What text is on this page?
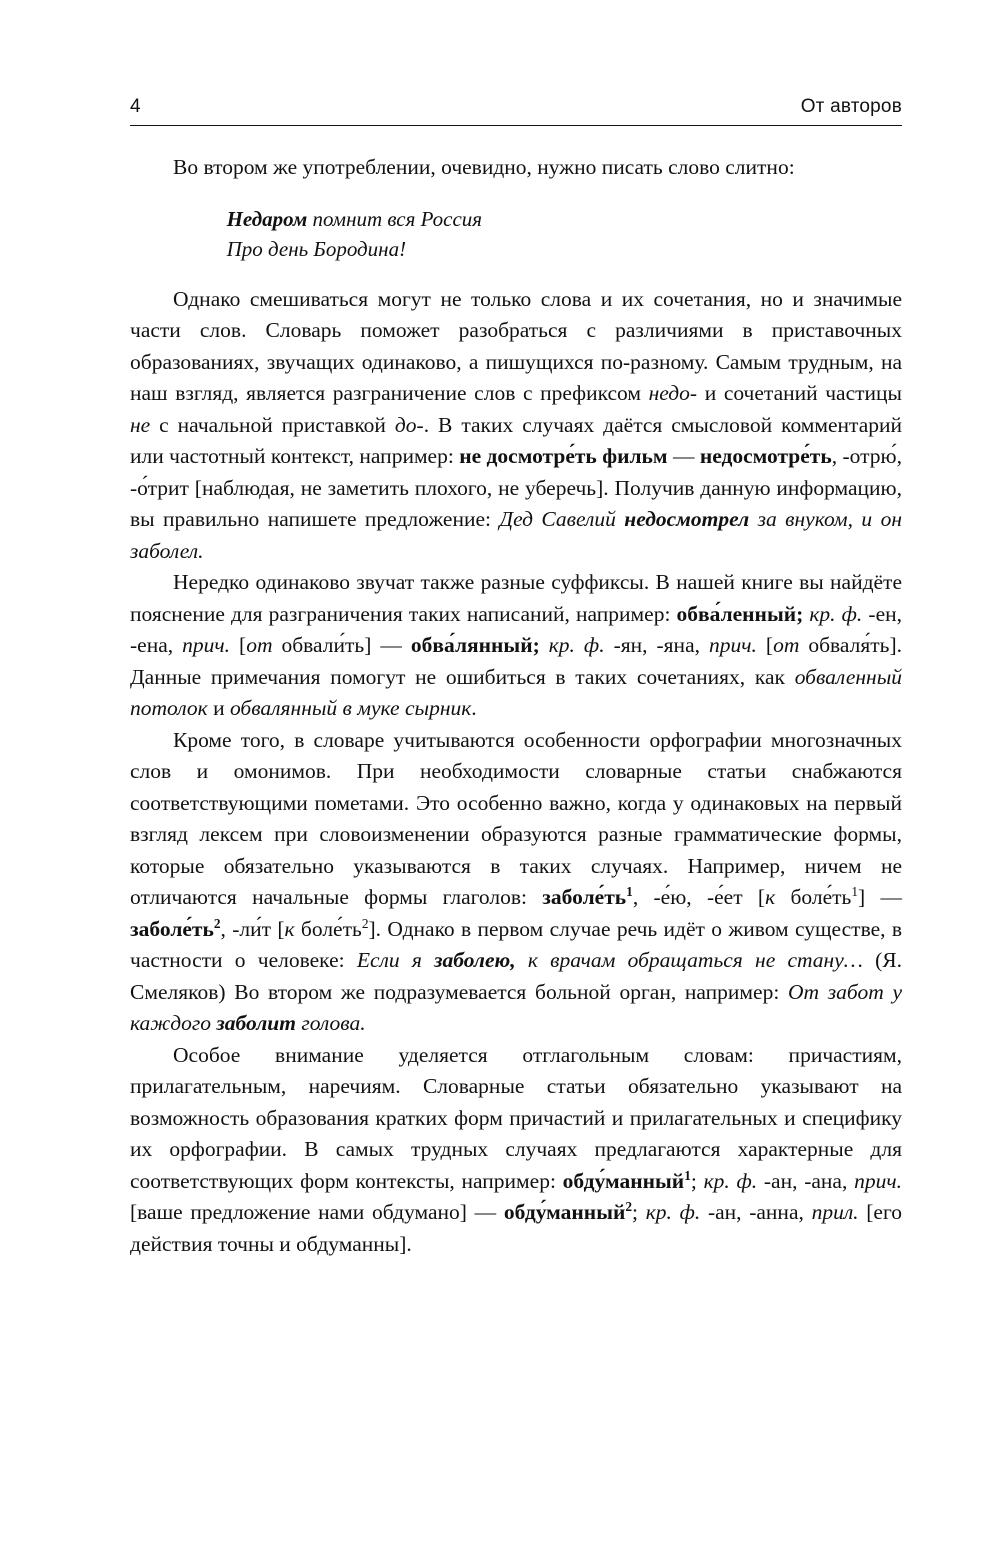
4	От авторов

Во втором же употреблении, очевидно, нужно писать слово слитно:

Недаром помнит вся Россия
Про день Бородина!

Однако смешиваться могут не только слова и их сочетания, но и значимые части слов. Словарь поможет разобраться с различиями в приставочных образованиях, звучащих одинаково, а пишущихся по-разному. Самым трудным, на наш взгляд, является разграничение слов с префиксом недо- и сочетаний частицы не с начальной приставкой до-. В таких случаях даётся смысловой комментарий или частотный контекст, например: не досмотре́ть фильм — недосмотре́ть, -отрю́, -о́трит [наблюдая, не заметить плохого, не уберечь]. Получив данную информацию, вы правильно напишете предложение: Дед Савелий недосмотрел за внуком, и он заболел.

Нередко одинаково звучат также разные суффиксы. В нашей книге вы найдёте пояснение для разграничения таких написаний, например: обва́ленный; кр. ф. -ен, -ена, прич. [от обвали́ть] — обва́лянный; кр. ф. -ян, -яна, прич. [от обваля́ть]. Данные примечания помогут не ошибиться в таких сочетаниях, как обваленный потолок и обвалянный в муке сырник.

Кроме того, в словаре учитываются особенности орфографии многозначных слов и омонимов. При необходимости словарные статьи снабжаются соответствующими пометами. Это особенно важно, когда у одинаковых на первый взгляд лексем при словоизменении образуются разные грамматические формы, которые обязательно указываются в таких случаях. Например, ничем не отличаются начальные формы глаголов: $заболе́ть^1$, -е́ю, -е́ет [к $боле́ть^1$] — $заболе́ть^2$, -ли́т [к $боле́ть^2$]. Однако в первом случае речь идёт о живом существе, в частности о человеке: Если я заболею, к врачам обращаться не стану… (Я. Смеляков) Во втором же подразумевается больной орган, например: От забот у каждого заболит голова.

Особое внимание уделяется отглагольным словам: причастиям, прилагательным, наречиям. Словарные статьи обязательно указывают на возможность образования кратких форм причастий и прилагательных и специфику их орфографии. В самых трудных случаях предлагаются характерные для соответствующих форм контексты, например: обду́манный$^1$; кр. ф. -ан, -ана, прич. [ваше предложение нами обдумано] — обду́манный$^2$; кр. ф. -ан, -анна, прил. [его действия точны и обдуманны].
